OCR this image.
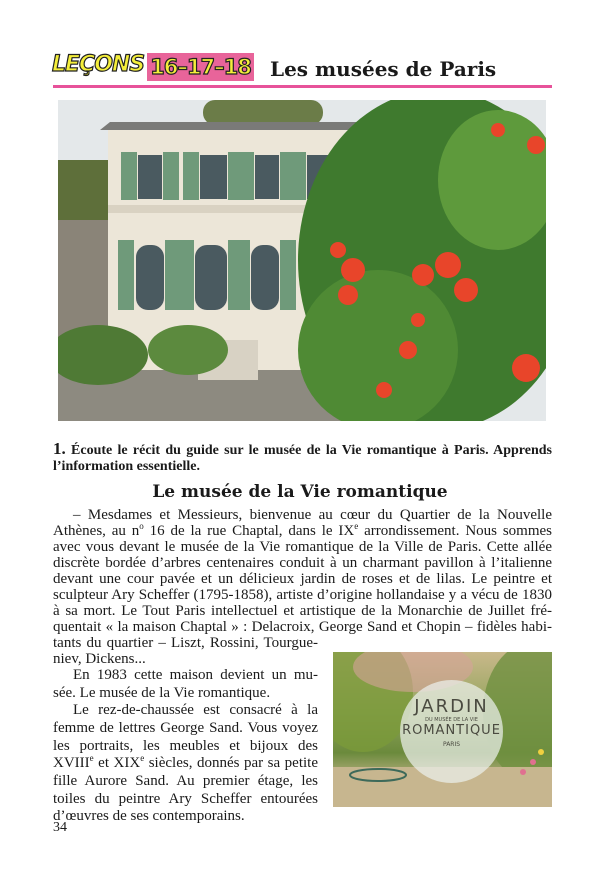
LEÇONS 16–17–18 Les musées de Paris
1. Écoute le récit du guide sur le musée de la Vie romantique à Paris. Apprends l’information essentielle.
Le musée de la Vie romantique
– Mesdames et Messieurs, bienvenue au cœur du Quartier de la Nouvelle
Athènes, au $n^o$ 16 de la rue Chaptal, dans le IXe arrondissement. Nous sommes
avec vous devant le musée de la Vie romantique de la Ville de Paris. Cette allée
discrète bordée d’arbres centenaires conduit à un charmant pavillon à l’italienne
devant une cour pavée et un délicieux jardin de roses et de lilas. Le peintre et
sculpteur Ary Scheffer (1795-1858), artiste d’origine hollandaise y a vécu de 1830
à sa mort. Le Tout Paris intellectuel et artistique de la Monarchie de Juillet fré-
quentait « la maison Chaptal » : Delacroix, George Sand et Chopin – fidèles habi-
tants du quartier – Liszt, Rossini, Tourgue-
niev, Dickens...
En 1983 cette maison devient un mu-
sée. Le musée de la Vie romantique.
Le rez-de-chaussée est consacré à la
femme de lettres George Sand. Vous voyez
les portraits, les meubles et bijoux des
XVIIIe et XIXe siècles, donnés par sa petite
fille Aurore Sand. Au premier étage, les
toiles du peintre Ary Scheffer entourées
d’œuvres de ses contemporains.
JARDIN
DU MUSÉE DE LA VIE
ROMANTIQUE
PARIS
34
